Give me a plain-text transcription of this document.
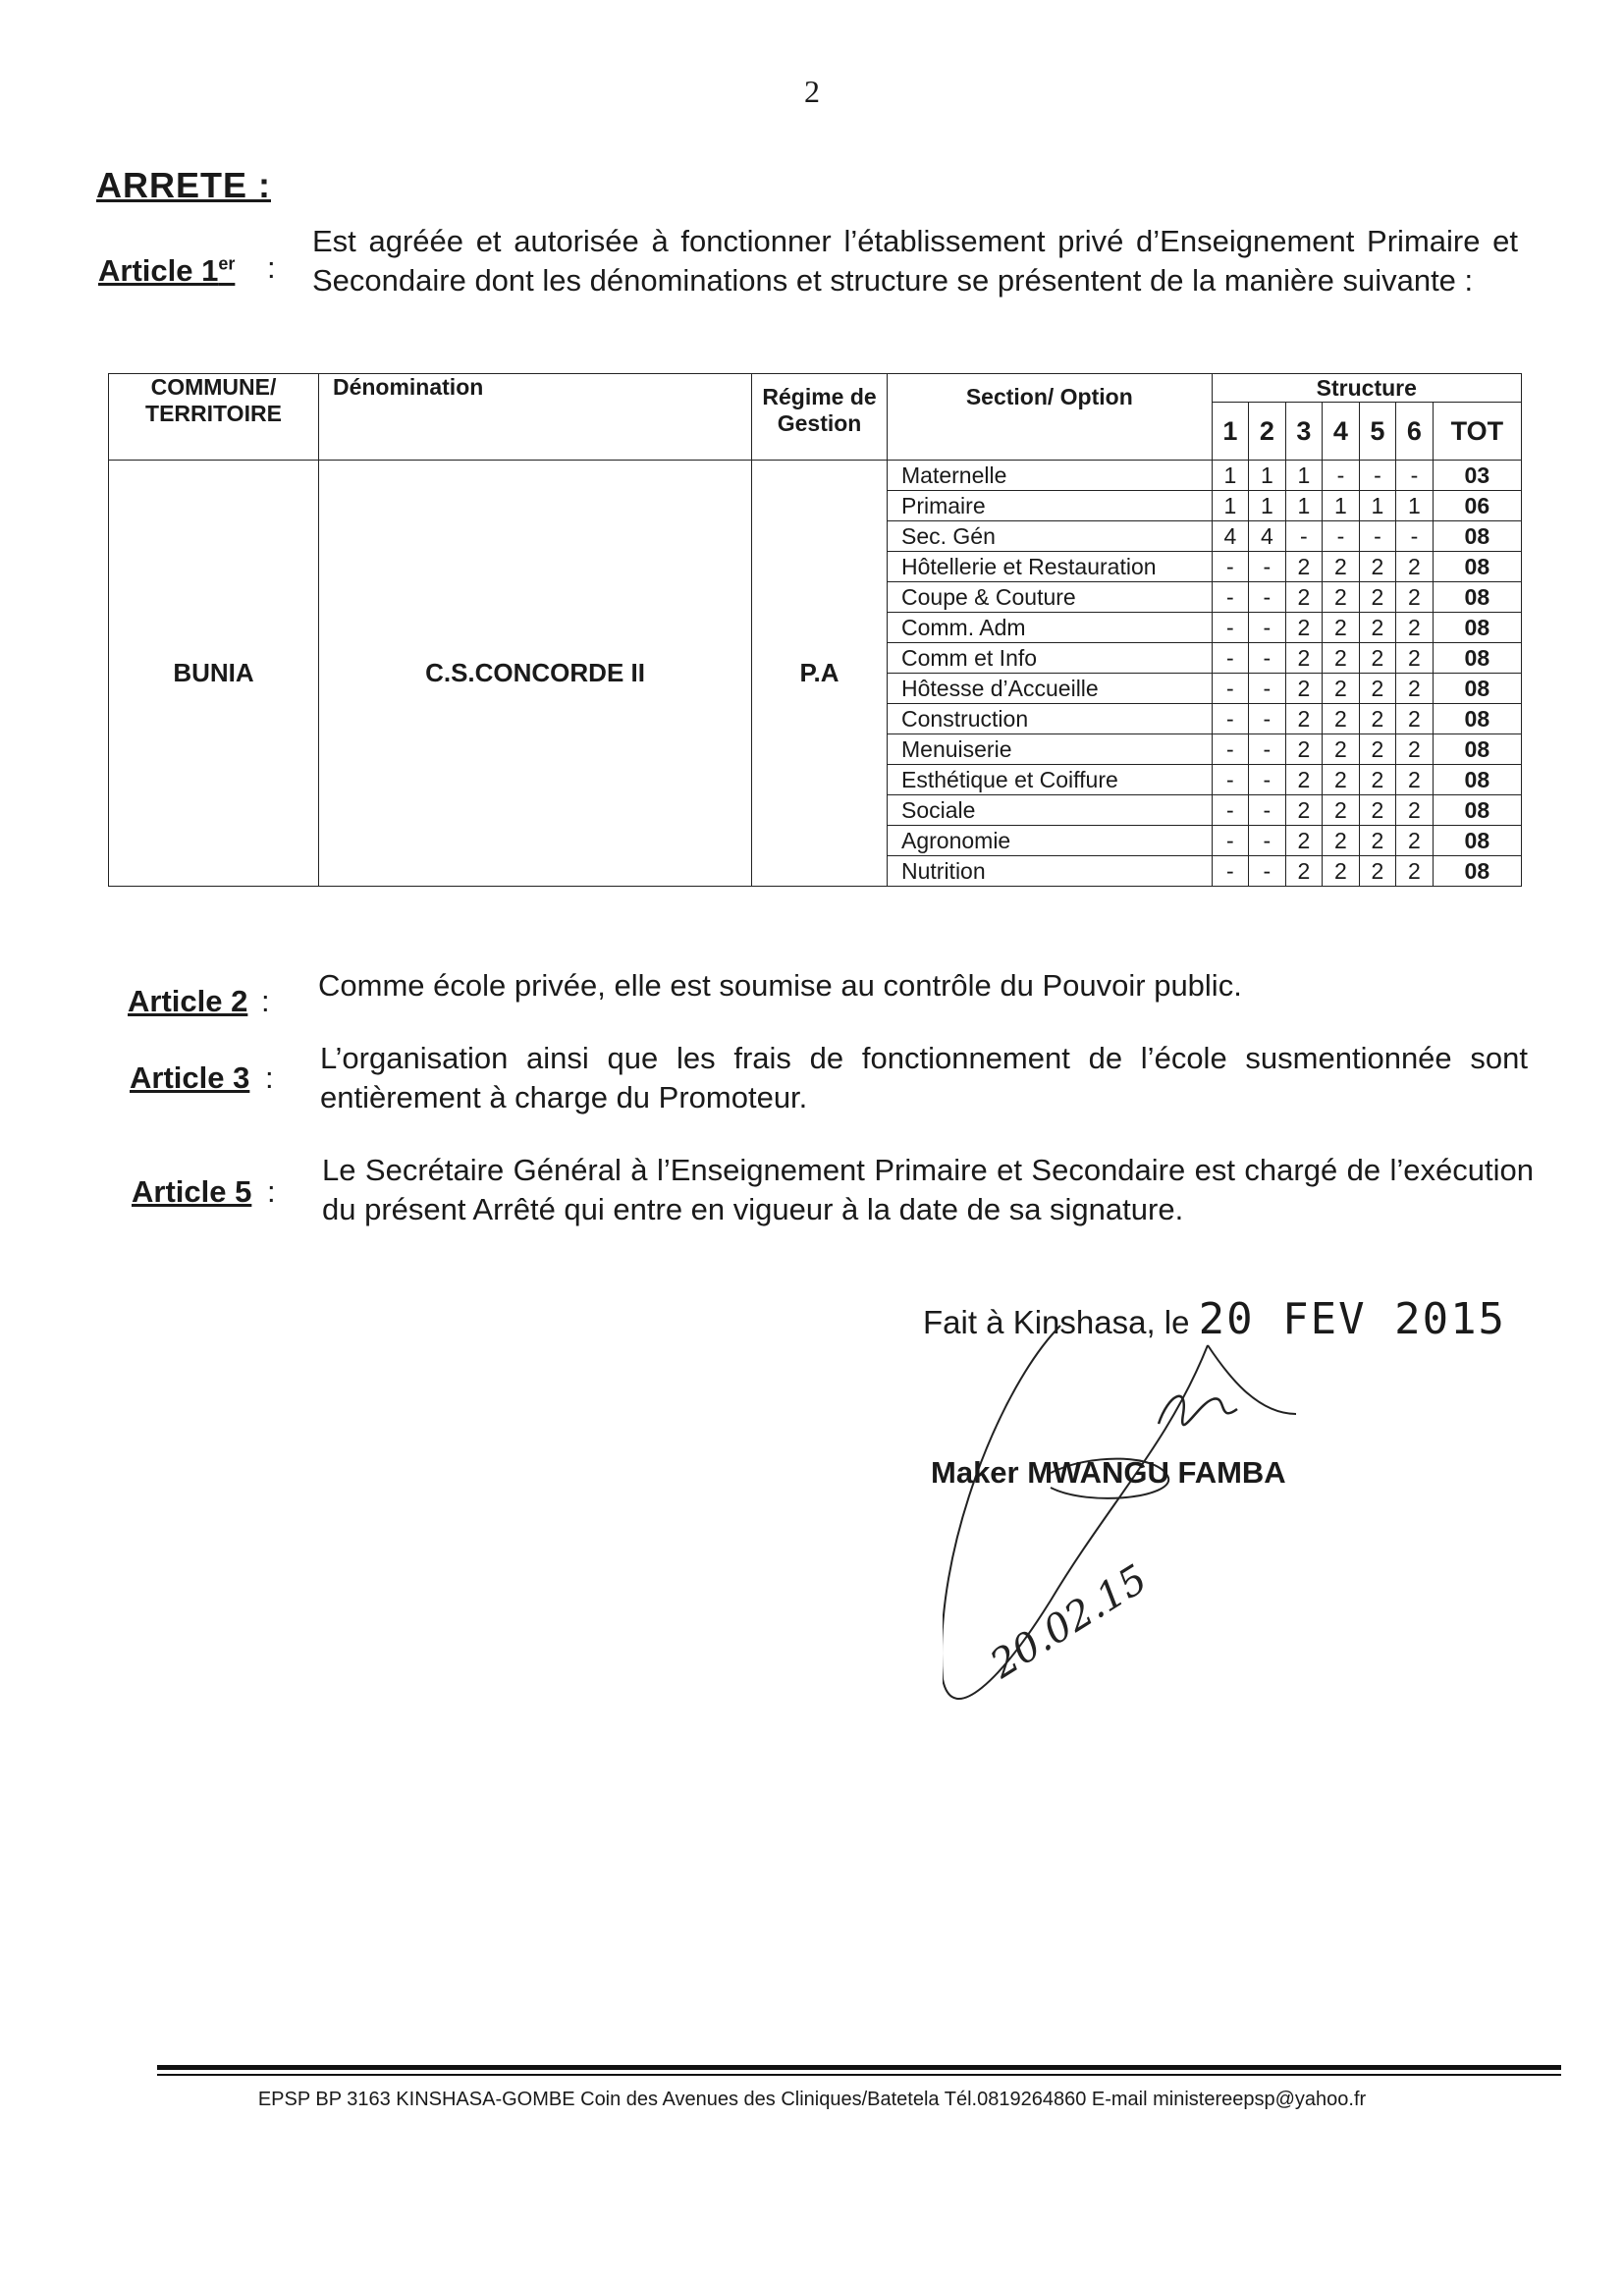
2
ARRETE :
Article 1er :
Est agréée et autorisée à fonctionner l’établissement privé d’Enseignement Primaire et Secondaire dont les dénominations et structure se présentent de la manière suivante :
COMMUNE/ TERRITOIRE	Dénomination	Régime de Gestion	Section/ Option	Structure						
				1	2	3	4	5	6	TOT
BUNIA	C.S.CONCORDE II	P.A	Maternelle	1	1	1	-	-	-	03
			Primaire	1	1	1	1	1	1	06
			Sec. Gén	4	4	-	-	-	-	08
			Hôtellerie et Restauration	-	-	2	2	2	2	08
			Coupe & Couture	-	-	2	2	2	2	08
			Comm. Adm	-	-	2	2	2	2	08
			Comm et Info	-	-	2	2	2	2	08
			Hôtesse d’Accueille	-	-	2	2	2	2	08
			Construction	-	-	2	2	2	2	08
			Menuiserie	-	-	2	2	2	2	08
			Esthétique et Coiffure	-	-	2	2	2	2	08
			Sociale	-	-	2	2	2	2	08
			Agronomie	-	-	2	2	2	2	08
			Nutrition	-	-	2	2	2	2	08
Article 2 : Comme école privée, elle est soumise au contrôle du Pouvoir public.
Article 3 :
L’organisation ainsi que les frais de fonctionnement de l’école susmentionnée sont entièrement à charge du Promoteur.
Article 5 :
Le Secrétaire Général à l’Enseignement Primaire et Secondaire est chargé de l’exécution du présent Arrêté qui entre en vigueur à la date de sa signature.
Fait à Kinshasa, le 20 FEV 2015
20.02.15
Maker MWANGU FAMBA
EPSP BP 3163 KINSHASA-GOMBE Coin des Avenues des Cliniques/Batetela Tél.0819264860 E-mail ministereepsp@yahoo.fr
